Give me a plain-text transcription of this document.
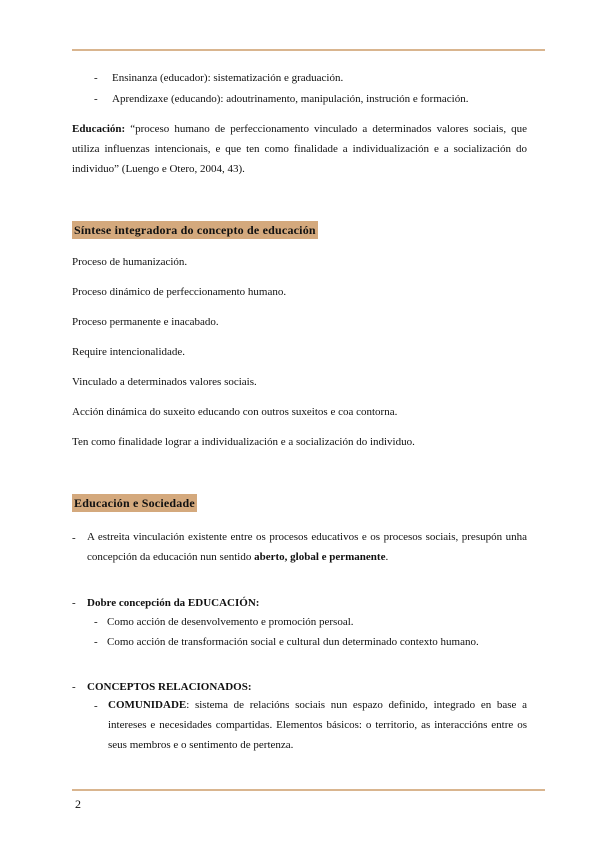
- Ensinanza (educador): sistematización e graduación.
- Aprendizaxe (educando): adoutrinamento, manipulación, instrución e formación.
Educación: “proceso humano de perfeccionamento vinculado a determinados valores sociais, que utiliza influenzas intencionais, e que ten como finalidade a individualización e a socialización do individuo” (Luengo e Otero, 2004, 43).
Síntese integradora do concepto de educación
Proceso de humanización.
Proceso dinámico de perfeccionamento humano.
Proceso permanente e inacabado.
Require intencionalidade.
Vinculado a determinados valores sociais.
Acción dinámica do suxeito educando con outros suxeitos e coa contorna.
Ten como finalidade lograr a individualización e a socialización do individuo.
Educación e Sociedade
- A estreita vinculación existente entre os procesos educativos e os procesos sociais, presupón unha concepción da educación nun sentido aberto, global e permanente.
- Dobre concepción da EDUCACIÓN:
- Como acción de desenvolvemento e promoción persoal.
- Como acción de transformación social e cultural dun determinado contexto humano.
- CONCEPTOS RELACIONADOS:
- COMUNIDADE: sistema de relacións sociais nun espazo definido, integrado en base a intereses e necesidades compartidas. Elementos básicos: o territorio, as interaccións entre os seus membros e o sentimento de pertenza.
2
